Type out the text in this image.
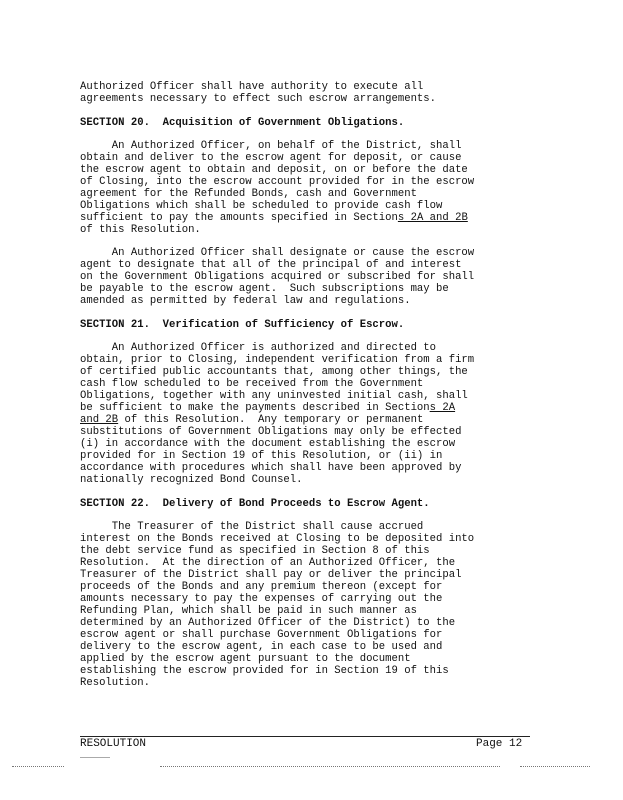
Authorized Officer shall have authority to execute all
agreements necessary to effect such escrow arrangements.
SECTION 20.  Acquisition of Government Obligations.
An Authorized Officer, on behalf of the District, shall
obtain and deliver to the escrow agent for deposit, or cause
the escrow agent to obtain and deposit, on or before the date
of Closing, into the escrow account provided for in the escrow
agreement for the Refunded Bonds, cash and Government
Obligations which shall be scheduled to provide cash flow
sufficient to pay the amounts specified in Sections 2A and 2B
of this Resolution.
An Authorized Officer shall designate or cause the escrow
agent to designate that all of the principal of and interest
on the Government Obligations acquired or subscribed for shall
be payable to the escrow agent.  Such subscriptions may be
amended as permitted by federal law and regulations.
SECTION 21.  Verification of Sufficiency of Escrow.
An Authorized Officer is authorized and directed to
obtain, prior to Closing, independent verification from a firm
of certified public accountants that, among other things, the
cash flow scheduled to be received from the Government
Obligations, together with any uninvested initial cash, shall
be sufficient to make the payments described in Sections 2A
and 2B of this Resolution.  Any temporary or permanent
substitutions of Government Obligations may only be effected
(i) in accordance with the document establishing the escrow
provided for in Section 19 of this Resolution, or (ii) in
accordance with procedures which shall have been approved by
nationally recognized Bond Counsel.
SECTION 22.  Delivery of Bond Proceeds to Escrow Agent.
The Treasurer of the District shall cause accrued
interest on the Bonds received at Closing to be deposited into
the debt service fund as specified in Section 8 of this
Resolution.  At the direction of an Authorized Officer, the
Treasurer of the District shall pay or deliver the principal
proceeds of the Bonds and any premium thereon (except for
amounts necessary to pay the expenses of carrying out the
Refunding Plan, which shall be paid in such manner as
determined by an Authorized Officer of the District) to the
escrow agent or shall purchase Government Obligations for
delivery to the escrow agent, in each case to be used and
applied by the escrow agent pursuant to the document
establishing the escrow provided for in Section 19 of this
Resolution.
RESOLUTION	Page 12
